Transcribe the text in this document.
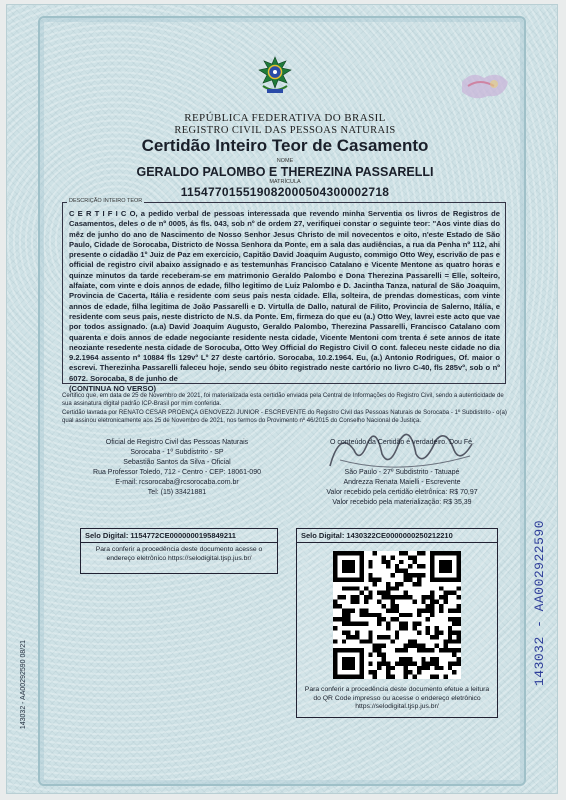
REPÚBLICA FEDERATIVA DO BRASIL
REGISTRO CIVIL DAS PESSOAS NATURAIS
Certidão Inteiro Teor de Casamento
NOME
GERALDO PALOMBO E THEREZINA PASSARELLI
MATRÍCULA
115477015519082000504300002718
DESCRIÇÃO INTEIRO TEOR
C E R T I F I C O, a pedido verbal de pessoas interessada que revendo minha Serventia os livros de Registros de Casamentos, deles o de nº 0005, ás fls. 043, sob nº de ordem 27, verifiquei constar o seguinte teor: "Aos vinte dias do mêz de junho do ano de Nascimento de Nosso Senhor Jesus Christo de mil novecentos e oito, n'este Estado de São Paulo, Cidade de Sorocaba, Districto de Nossa Senhora da Ponte, em a sala das audiências, a rua da Penha nº 112, ahi presente o cidadão 1º Juiz de Paz em exercicio, Capitão David Joaquim Augusto, commigo Otto Wey, escrivão de pas e official de registro civil abaixo assignado e as testemunhas Francisco Catalano e Vicente Mentone as quatro horas e quinze minutos da tarde receberam-se em matrimonio Geraldo Palombo e Dona Therezina Passarelli = Elle, solteiro, alfaiate, com vinte e dois annos de edade, filho legitimo de Luiz Palombo e D. Jacintha Tanza, natural de São Joaquim, Provincia de Cacerta, Itália e residente com seus pais nesta cidade. Ella, solteira, de prendas domesticas, com vinte annos de edade, filha legitima de João Passarelli e D. Virtulla de Dallo, natural de Filito, Provincia de Salerno, Itália, e residente com seus pais, neste districto de N.S. da Ponte. Em, firmeza do que eu (a.) Otto Wey, lavrei este acto que vae por todos assignado. (a.a) David Joaquim Augusto, Geraldo Palombo, Therezina Passarelli, Francisco Catalano com quarenta e dois annos de edade negociante residente nesta cidade, Vicente Mentoni com trenta é sete annos de itate neoziante resedente nesta cidade de Sorocuba, Otto Wey Official do Registro Civil O cont. faleceu neste cidade no dia 9.2.1964 assento nº 10884 fls 129vº Lº 27 deste cartório. Sorocaba, 10.2.1964. Eu, (a.) Antonio Rodrigues, Of. maior o escrevi. Therezinha Passarelli faleceu hoje, sendo seu óbito registrado neste cartório no livro C-40, fls 285vº, sob o nº 6072. Sorocaba, 8 de junho de
(CONTINUA NO VERSO)
Certifico que, em data de 25 de Novembro de 2021, foi materializada esta certidão enviada pela Central de Informações do Registro Civil, sendo a autenticidade de sua assinatura digital padrão ICP-Brasil por mim conferida.
Certidão lavrada por RENATO CESAR PROENÇA GENOVEZZI JUNIOR - ESCREVENTE do Registro Civil das Pessoas Naturais de Sorocaba - 1º Subdistrito - o(a) qual assinou eletronicamente aos 25 de Novembro de 2021, nos termos do Provimento nº 46/2015 do Conselho Nacional de Justiça.
Oficial de Registro Civil das Pessoas Naturais
Sorocaba - 1º Subdistrito - SP
Sebastião Santos da Silva - Oficial
Rua Professor Toledo, 712 - Centro - CEP: 18061-090
E-mail: rcsorocaba@rcsorocaba.com.br
Tel: (15) 33421881
O conteúdo da Certidão é verdadeiro. Dou Fé.
São Paulo - 27º Subdistrito - Tatuapé
Andrezza Renata Maielli - Escrevente
Valor recebido pela certidão eletrônica: R$ 70,97
Valor recebido pela materialização: R$ 35,39
Selo Digital: 1154772CE0000000195849211
Para conferir a procedência deste documento acesse o endereço eletrônico https://selodigital.tjsp.jus.br/
Selo Digital: 1430322CE0000000250212210
Para conferir a procedência deste documento efetue a leitura do QR Code impresso ou acesse o endereço eletrônico https://selodigital.tjsp.jus.br/
143032 - AA00292590 08/21	143032 - AA002922590
